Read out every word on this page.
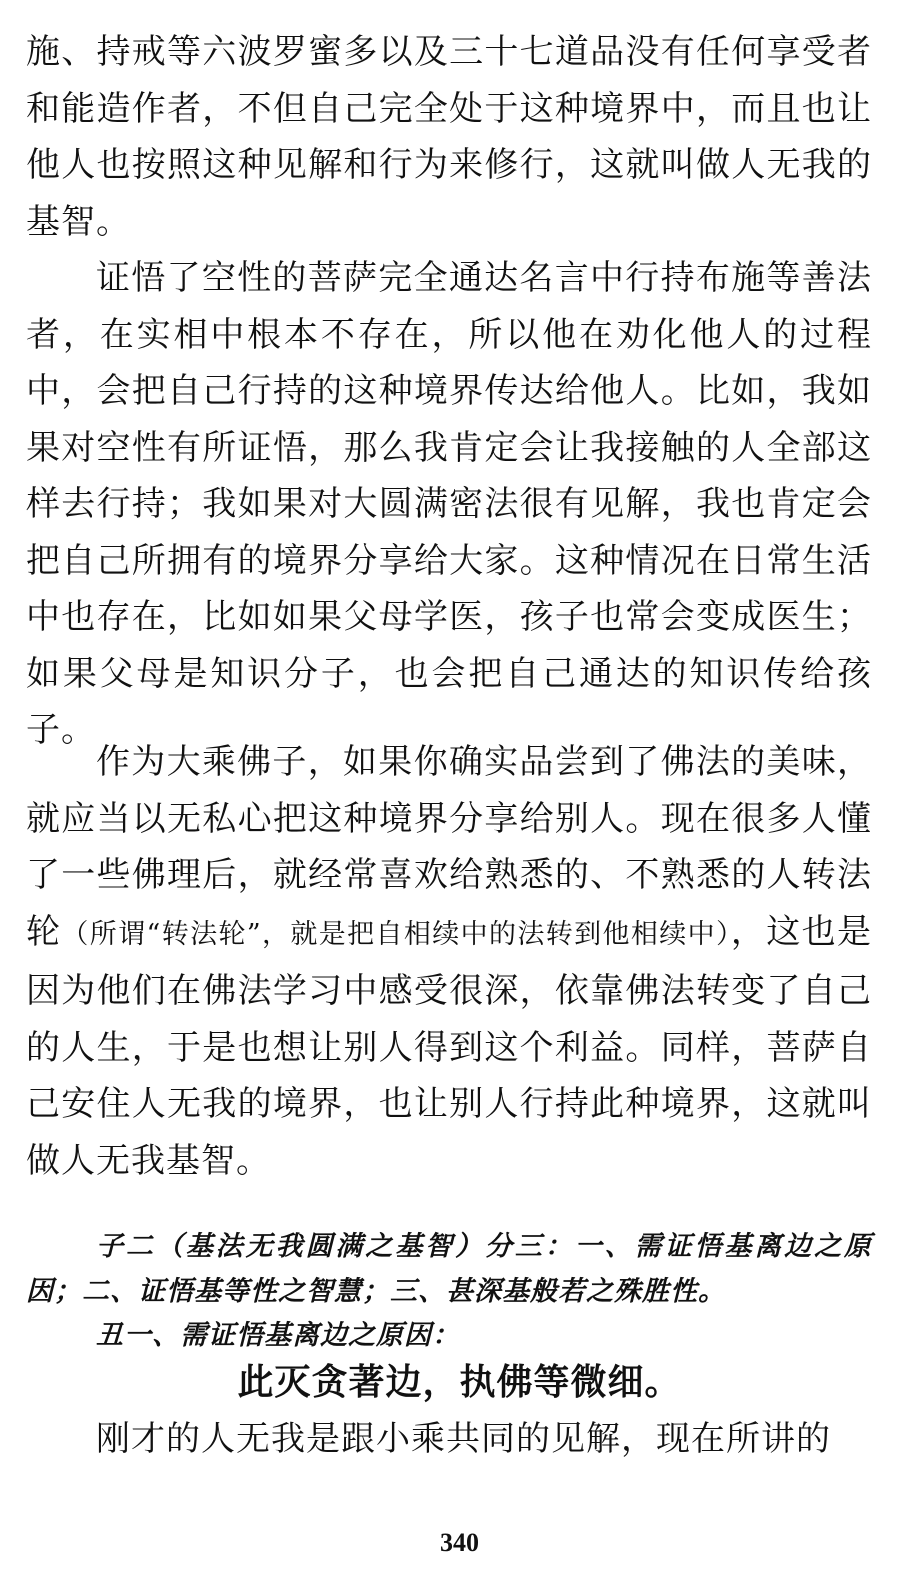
施、持戒等六波罗蜜多以及三十七道品没有任何享受者和能造作者，不但自己完全处于这种境界中，而且也让他人也按照这种见解和行为来修行，这就叫做人无我的基智。

证悟了空性的菩萨完全通达名言中行持布施等善法者，在实相中根本不存在，所以他在劝化他人的过程中，会把自己行持的这种境界传达给他人。比如，我如果对空性有所证悟，那么我肯定会让我接触的人全部这样去行持；我如果对大圆满密法很有见解，我也肯定会把自己所拥有的境界分享给大家。这种情况在日常生活中也存在，比如如果父母学医，孩子也常会变成医生；如果父母是知识分子，也会把自己通达的知识传给孩子。

作为大乘佛子，如果你确实品尝到了佛法的美味，就应当以无私心把这种境界分享给别人。现在很多人懂了一些佛理后，就经常喜欢给熟悉的、不熟悉的人转法轮（所谓“转法轮”，就是把自相续中的法转到他相续中），这也是因为他们在佛法学习中感受很深，依靠佛法转变了自己的人生，于是也想让别人得到这个利益。同样，菩萨自己安住人无我的境界，也让别人行持此种境界，这就叫做人无我基智。

子二（基法无我圆满之基智）分三：一、需证悟基离边之原因；二、证悟基等性之智慧；三、甚深基般若之殊胜性。

丑一、需证悟基离边之原因：

此灭贪著边，执佛等微细。

刚才的人无我是跟小乘共同的见解，现在所讲的

340
